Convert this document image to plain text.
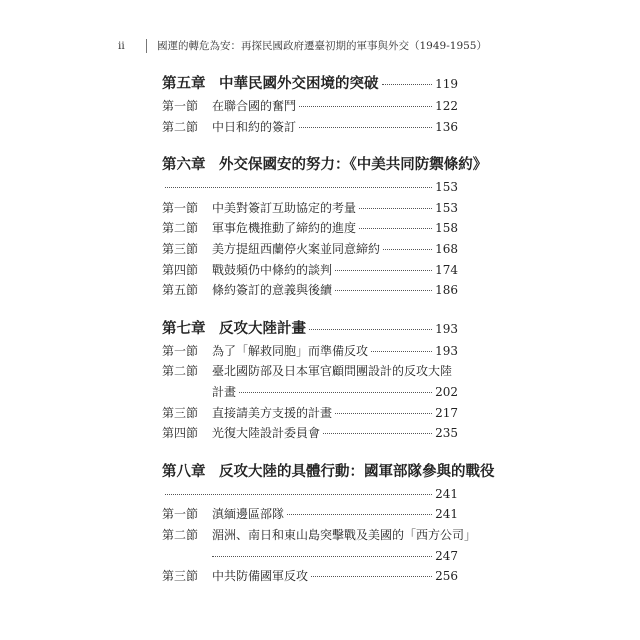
ii	國運的轉危為安：再探民國政府遷臺初期的軍事與外交（1949-1955）
第五章 中華民國外交困境的突破	119
第一節	在聯合國的奮鬥	122
第二節	中日和約的簽訂	136
第六章 外交保國安的努力：《中美共同防禦條約》
153
第一節	中美對簽訂互助協定的考量	153
第二節	軍事危機推動了締約的進度	158
第三節	美方提紐西蘭停火案並同意締約	168
第四節	戰鼓頻仍中條約的談判	174
第五節	條約簽訂的意義與後續	186
第七章 反攻大陸計畫	193
第一節	為了「解救同胞」而準備反攻	193
第二節	臺北國防部及日本軍官顧問團設計的反攻大陸
計畫	202
第三節	直接請美方支援的計畫	217
第四節	光復大陸設計委員會	235
第八章 反攻大陸的具體行動：國軍部隊參與的戰役
241
第一節	滇緬邊區部隊	241
第二節	湄洲、南日和東山島突擊戰及美國的「西方公司」
247
第三節	中共防備國軍反攻	256
